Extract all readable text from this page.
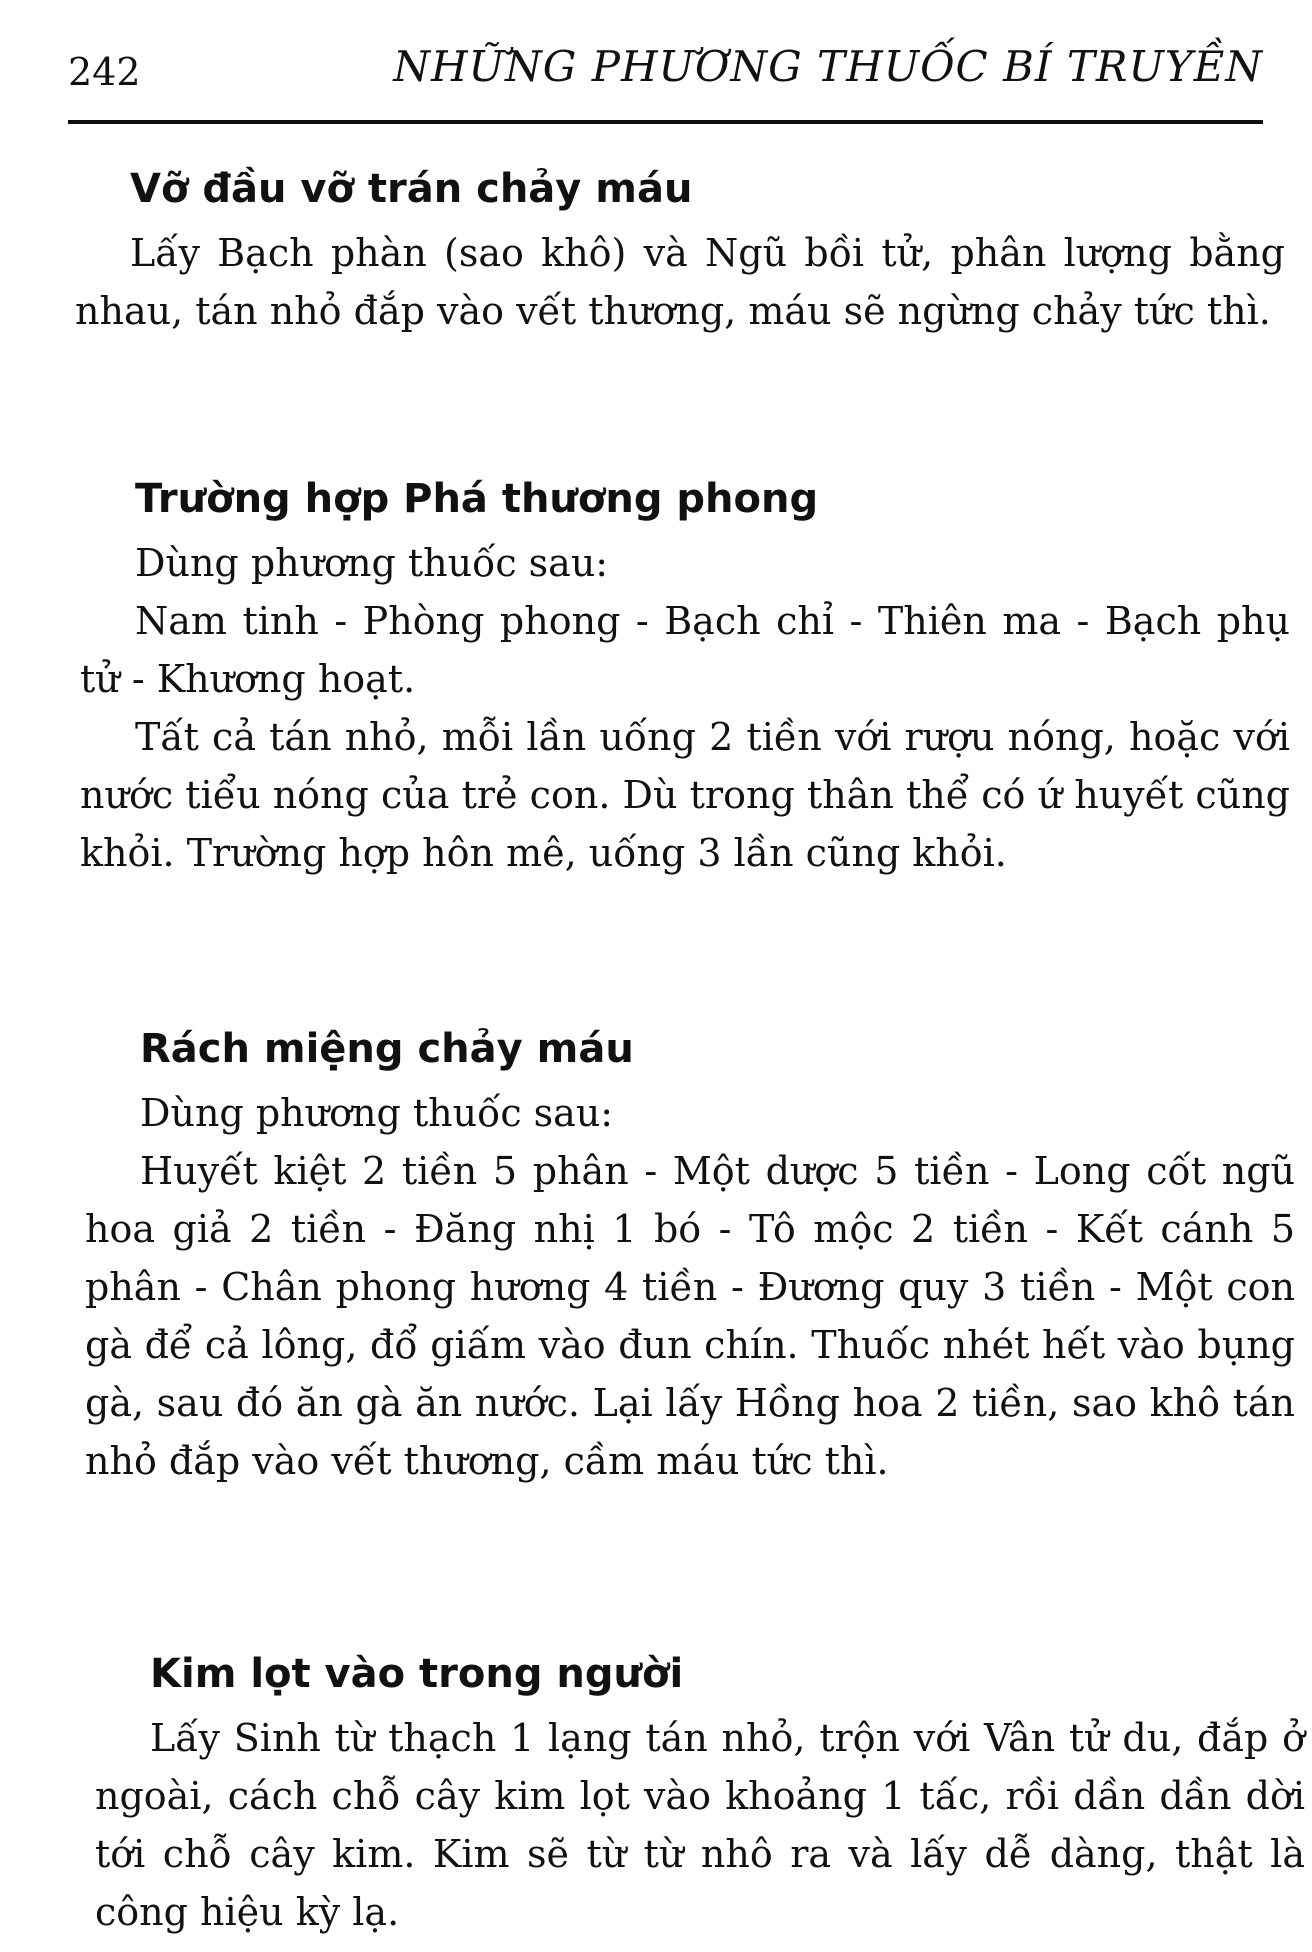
242	NHỮNG PHƯƠNG THUỐC BÍ TRUYỀN
Vỡ đầu vỡ trán chảy máu

Lấy Bạch phàn (sao khô) và Ngũ bồi tử, phân lượng bằng nhau, tán nhỏ đắp vào vết thương, máu sẽ ngừng chảy tức thì.

Trường hợp Phá thương phong

Dùng phương thuốc sau:

Nam tinh - Phòng phong - Bạch chỉ - Thiên ma - Bạch phụ tử - Khương hoạt.

Tất cả tán nhỏ, mỗi lần uống 2 tiền với rượu nóng, hoặc với nước tiểu nóng của trẻ con. Dù trong thân thể có ứ huyết cũng khỏi. Trường hợp hôn mê, uống 3 lần cũng khỏi.

Rách miệng chảy máu

Dùng phương thuốc sau:

Huyết kiệt 2 tiền 5 phân - Một dược 5 tiền - Long cốt ngũ hoa giả 2 tiền - Đăng nhị 1 bó - Tô mộc 2 tiền - Kết cánh 5 phân - Chân phong hương 4 tiền - Đương quy 3 tiền - Một con gà để cả lông, đổ giấm vào đun chín. Thuốc nhét hết vào bụng gà, sau đó ăn gà ăn nước. Lại lấy Hồng hoa 2 tiền, sao khô tán nhỏ đắp vào vết thương, cầm máu tức thì.

Kim lọt vào trong người

Lấy Sinh từ thạch 1 lạng tán nhỏ, trộn với Vân tử du, đắp ở ngoài, cách chỗ cây kim lọt vào khoảng 1 tấc, rồi dần dần dời tới chỗ cây kim. Kim sẽ từ từ nhô ra và lấy dễ dàng, thật là công hiệu kỳ lạ.
